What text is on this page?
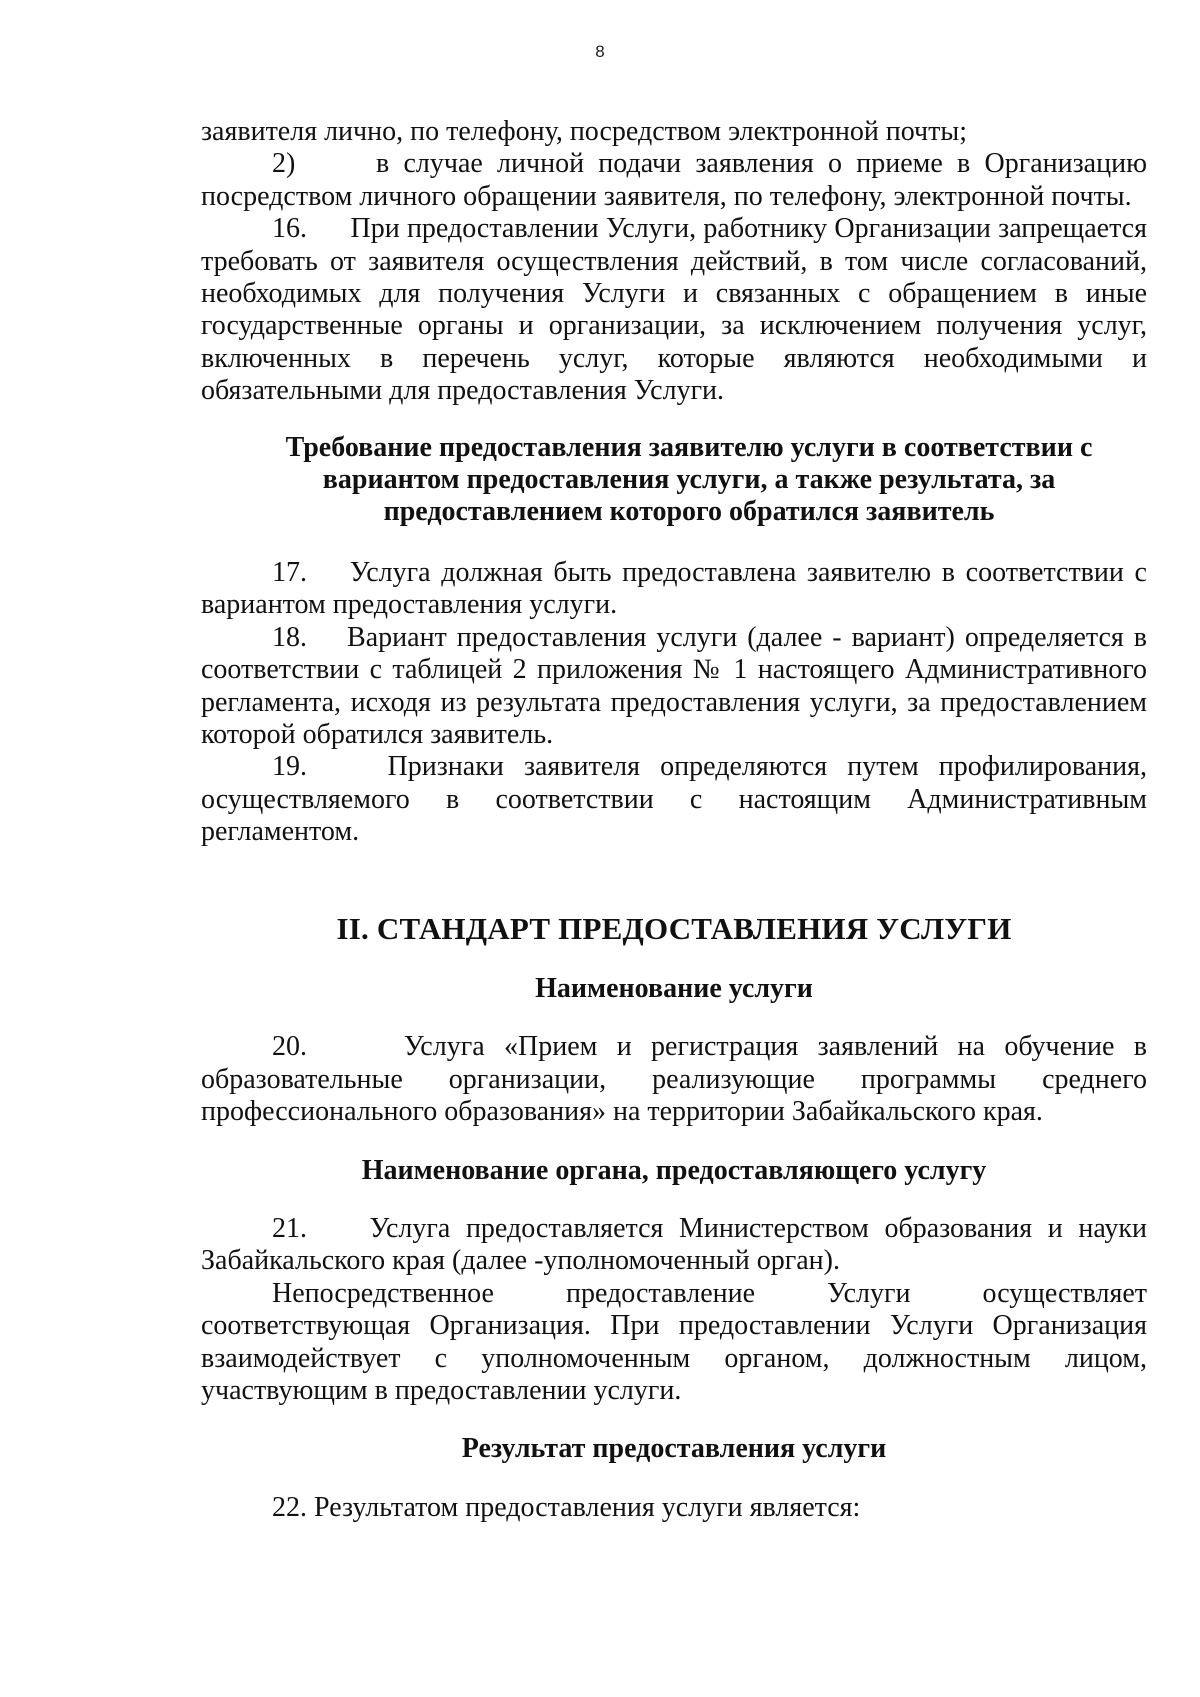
8

заявителя лично, по телефону, посредством электронной почты;

2)	в случае личной подачи заявления о приеме в Организацию посредством личного обращении заявителя, по телефону, электронной почты.

16.      При предоставлении Услуги, работнику Организации запрещается требовать от заявителя осуществления действий, в том числе согласований, необходимых для получения Услуги и связанных с обращением в иные государственные органы и организации, за исключением получения услуг, включенных в перечень услуг, которые являются необходимыми и обязательными для предоставления Услуги.

Требование предоставления заявителю услуги в соответствии с вариантом предоставления услуги, а также результата, за предоставлением которого обратился заявитель

17.    Услуга должная быть предоставлена заявителю в соответствии с вариантом предоставления услуги.

18.    Вариант предоставления услуги (далее - вариант) определяется в соответствии с таблицей 2 приложения № 1 настоящего Административного регламента, исходя из результата предоставления услуги, за предоставлением которой обратился заявитель.

19.    Признаки заявителя определяются путем профилирования, осуществляемого в соответствии с настоящим Административным регламентом.

II. СТАНДАРТ ПРЕДОСТАВЛЕНИЯ УСЛУГИ

Наименование услуги

20.     Услуга «Прием и регистрация заявлений на обучение в образовательные организации, реализующие программы среднего профессионального образования» на территории Забайкальского края.

Наименование органа, предоставляющего услугу

21.    Услуга предоставляется Министерством образования и науки Забайкальского края (далее -уполномоченный орган).

Непосредственное предоставление Услуги осуществляет соответствующая Организация. При предоставлении Услуги Организация взаимодействует с уполномоченным органом, должностным лицом, участвующим в предоставлении услуги.

Результат предоставления услуги

22. Результатом предоставления услуги является:
